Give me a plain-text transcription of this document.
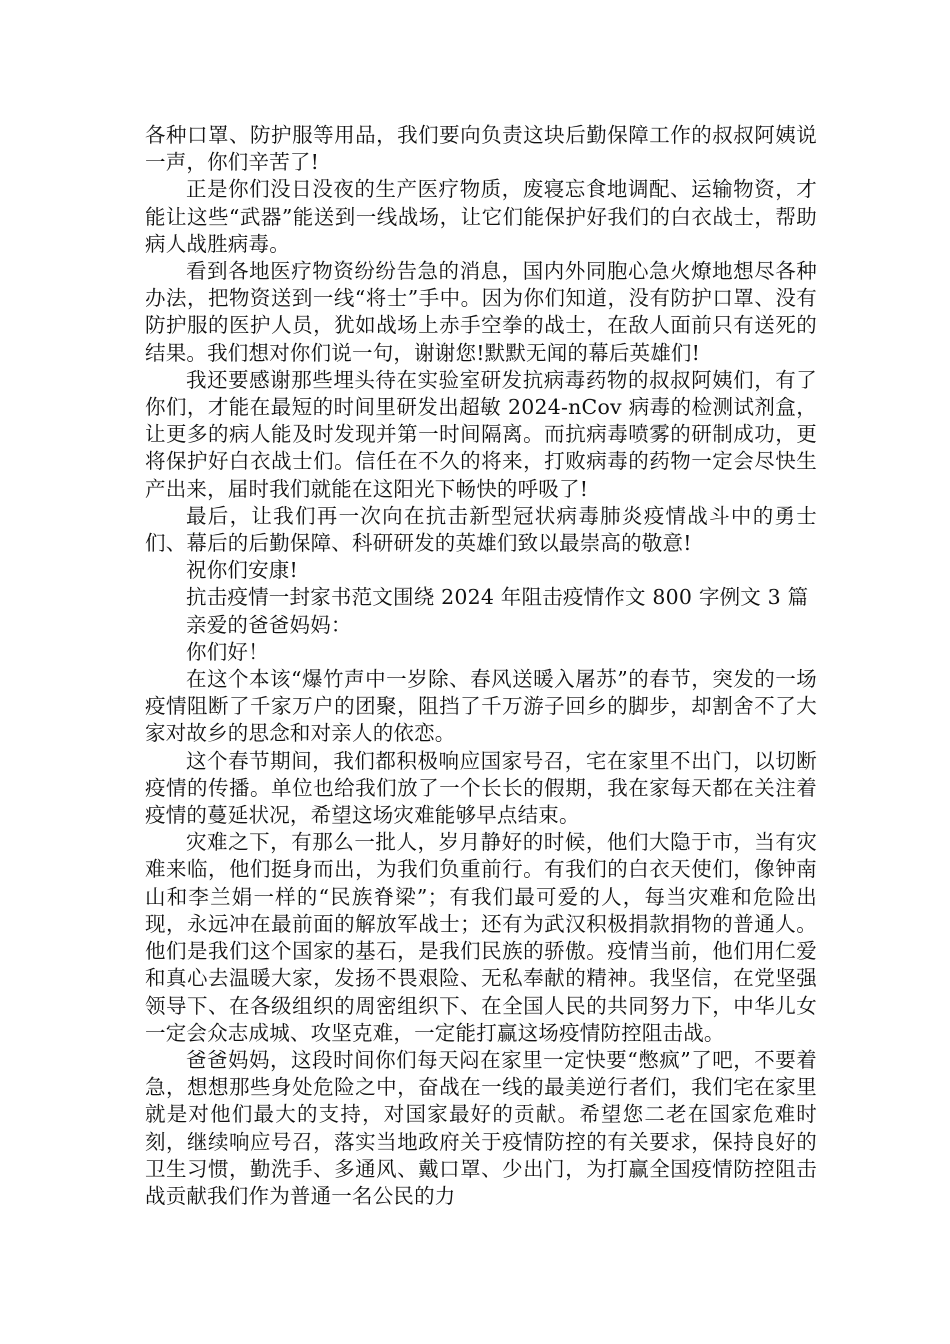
各种口罩、防护服等用品，我们要向负责这块后勤保障工作的叔叔阿姨说一声，你们辛苦了!

正是你们没日没夜的生产医疗物质，废寝忘食地调配、运输物资，才能让这些“武器”能送到一线战场，让它们能保护好我们的白衣战士，帮助病人战胜病毒。

看到各地医疗物资纷纷告急的消息，国内外同胞心急火燎地想尽各种办法，把物资送到一线“将士”手中。因为你们知道，没有防护口罩、没有防护服的医护人员，犹如战场上赤手空拳的战士，在敌人面前只有送死的结果。我们想对你们说一句，谢谢您!默默无闻的幕后英雄们!

我还要感谢那些埋头待在实验室研发抗病毒药物的叔叔阿姨们，有了你们，才能在最短的时间里研发出超敏 2024-nCov 病毒的检测试剂盒，让更多的病人能及时发现并第一时间隔离。而抗病毒喷雾的研制成功，更将保护好白衣战士们。信任在不久的将来，打败病毒的药物一定会尽快生产出来，届时我们就能在这阳光下畅快的呼吸了!

最后，让我们再一次向在抗击新型冠状病毒肺炎疫情战斗中的勇士们、幕后的后勤保障、科研研发的英雄们致以最崇高的敬意!

祝你们安康!

抗击疫情一封家书范文围绕 2024 年阻击疫情作文 800 字例文 3 篇

亲爱的爸爸妈妈：

你们好！

在这个本该“爆竹声中一岁除、春风送暖入屠苏”的春节，突发的一场疫情阻断了千家万户的团聚，阻挡了千万游子回乡的脚步，却割舍不了大家对故乡的思念和对亲人的依恋。

这个春节期间，我们都积极响应国家号召，宅在家里不出门，以切断疫情的传播。单位也给我们放了一个长长的假期，我在家每天都在关注着疫情的蔓延状况，希望这场灾难能够早点结束。

灾难之下，有那么一批人，岁月静好的时候，他们大隐于市，当有灾难来临，他们挺身而出，为我们负重前行。有我们的白衣天使们，像钟南山和李兰娟一样的“民族脊梁”；有我们最可爱的人，每当灾难和危险出现，永远冲在最前面的解放军战士；还有为武汉积极捐款捐物的普通人。他们是我们这个国家的基石，是我们民族的骄傲。疫情当前，他们用仁爱和真心去温暖大家，发扬不畏艰险、无私奉献的精神。我坚信，在党坚强领导下、在各级组织的周密组织下、在全国人民的共同努力下，中华儿女一定会众志成城、攻坚克难，一定能打赢这场疫情防控阻击战。

爸爸妈妈，这段时间你们每天闷在家里一定快要“憋疯”了吧，不要着急，想想那些身处危险之中，奋战在一线的最美逆行者们，我们宅在家里就是对他们最大的支持，对国家最好的贡献。希望您二老在国家危难时刻，继续响应号召，落实当地政府关于疫情防控的有关要求，保持良好的卫生习惯，勤洗手、多通风、戴口罩、少出门，为打赢全国疫情防控阻击战贡献我们作为普通一名公民的力
